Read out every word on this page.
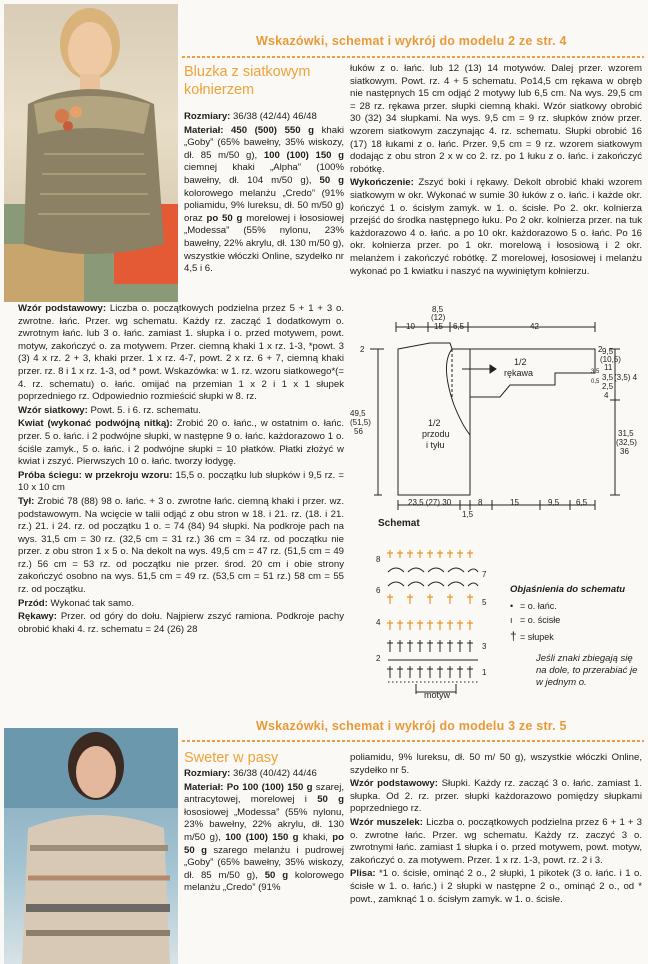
Wskazówki, schemat i wykrój do modelu 2 ze str. 4
Bluzka z siatkowym
kołnierzem

Rozmiary: 36/38 (42/44) 46/48

Materiał: 450 (500) 550 g khaki „Goby” (65% bawełny, 35% wiskozy, dł. 85 m/50 g), 100 (100) 150 g ciemnej khaki „Alpha” (100% bawełny, dł. 104 m/50 g), 50 g kolorowego melanżu „Credo” (91% poliamidu, 9% lureksu, dł. 50 m/50 g) oraz po 50 g morelowej i łososiowej „Modessa” (55% nylonu, 23% bawełny, 22% akrylu, dł. 130 m/50 g), wszystkie włóczki Online, szydełko nr 4,5 i 6.

Wzór podstawowy: Liczba o. początkowych podzielna przez 5 + 1 + 3 o. zwrotne. łańc. Przer. wg schematu. Każdy rz. zacząć 1 dodatkowym o. zwrotnym łańc. lub 3 o. łańc. zamiast 1. słupka i o. przed motywem, powt. motyw, zakończyć o. za motywem. Przer. ciemną khaki 1 x rz. 1-3, *powt. 3 (3) 4 x rz. 2 + 3, khaki przer. 1 x rz. 4-7, powt. 2 x rz. 6 + 7, ciemną khaki przer. rz. 8 i 1 x rz. 1-3, od * powt. Wskazówka: w 1. rz. wzoru siatkowego*(= 4. rz. schematu) o. łańc. omijać na przemian 1 x 2 i 1 x 1 słupek poprzedniego rz. Odpowiednio rozmieścić słupki w 8. rz.

Wzór siatkowy: Powt. 5. i 6. rz. schematu.

Kwiat (wykonać podwójną nitką): Zrobić 20 o. łańc., w ostatnim o. łańc. przer. 5 o. łańc. i 2 podwójne słupki, w następne 9 o. łańc. każdorazowo 1 o. ściśle zamyk., 5 o. łańc. i 2 podwójne słupki = 10 płatków. Płatki złożyć w kwiat i zszyć. Pierwszych 10 o. łańc. tworzy łodygę.

Próba ściegu: w przekroju wzoru: 15,5 o. początku lub słupków i 9,5 rz. = 10 x 10 cm

Tył: Zrobić 78 (88) 98 o. łańc. + 3 o. zwrotne łańc. ciemną khaki i przer. wz. podstawowym. Na wcięcie w talii odjąć z obu stron w 18. i 21. rz. (18. i 21. rz.) 21. i 24. rz. od początku 1 o. = 74 (84) 94 słupki. Na podkroje pach na wys. 31,5 cm = 30 rz. (32,5 cm = 31 rz.) 36 cm = 34 rz. od początku nie przer. z obu stron 1 x 5 o. Na dekolt na wys. 49,5 cm = 47 rz. (51,5 cm = 49 rz.) 56 cm = 53 rz. od początku nie przer. środ. 20 cm i obie strony zakończyć osobno na wys. 51,5 cm = 49 rz. (53,5 cm = 51 rz.) 58 cm = 55 rz. od początku.

Przód: Wykonać tak samo.

Rękawy: Przer. od góry do dołu. Najpierw zszyć ramiona. Podkroje pachy obrobić khaki 4. rz. schematu = 24 (26) 28

łuków z o. łańc. lub 12 (13) 14 motywów. Dalej przer. wzorem siatkowym. Powt. rz. 4 + 5 schematu. Po14,5 cm rękawa w obręb nie następnych 15 cm odjąć 2 motywy lub 6,5 cm. Na wys. 29,5 cm = 28 rz. rękawa przer. słupki ciemną khaki. Wzór siatkowy obrobić 30 (32) 34 słupkami. Na wys. 9,5 cm = 9 rz. słupków znów przer. wzorem siatkowym zaczynając 4. rz. schematu. Słupki obrobić 16 (17) 18 łukami z o. łańc. Przer. 9,5 cm = 9 rz. wzorem siatkowym dodając z obu stron 2 x w co 2. rz. po 1 łuku z o. łańc. i zakończyć robótkę.

Wykończenie: Zszyć boki i rękawy. Dekolt obrobić khaki wzorem siatkowym w okr. Wykonać w sumie 30 łuków z o. łańc. i każde okr. kończyć 1 o. ścisłym zamyk. w 1. o. ścisłe. Po 2. okr. kolnierza przejść do środka następnego łuku. Po 2 okr. kolnierza przer. na tuk każdorazowo 4 o. łańc. a po 10 okr. każdorazowo 5 o. łańc. Po 16 okr. kołnierza przer. po 1 okr. morelową i łososiową i 2 okr. melanżem i zakończyć robótkę. Z morelowej, łososiowej i melanżu wykonać po 1 kwiatku i naszyć na wywiniętym kołnierzu.

10
8,5
(12)
15 6,5	42
2	2
49,5
(51,5)
56
9,5
(10,5)
11
3,5
2,5
4
(3,5) 4
3,5
0,5
31,5
(32,5)
36
1/2
rękawa
1/2
przodu
i tyłu
23,5 (27) 30	8	15	9,5 6,5
1,5
Schemat
8
7
6
5
4
3
2
1
motyw
Objaśnienia do schematu
• = o. łańc.
ı = o. ścisłe
† = słupek
Jeśli znaki zbiegają się na dole, to przerabiać je w jednym o.
Wskazówki, schemat i wykrój do modelu 3 ze str. 5
Sweter w pasy

Rozmiary: 36/38 (40/42) 44/46

Materiał: Po 100 (100) 150 g szarej, antracytowej, morelowej i 50 g łososiowej „Modessa” (55% nylonu, 23% bawełny, 22% akrylu, dł. 130 m/50 g), 100 (100) 150 g khaki, po 50 g szarego melanżu i pudrowej „Goby” (65% bawełny, 35% wiskozy, dł. 85 m/50 g), 50 g kolorowego melanżu „Credo” (91%

poliamidu, 9% lureksu, dł. 50 m/ 50 g), wszystkie włóczki Online, szydełko nr 5.

Wzór podstawowy: Słupki. Każdy rz. zacząć 3 o. łańc. zamiast 1. słupka. Od 2. rz. przer. słupki każdorazowo pomiędzy słupkami poprzedniego rz.

Wzór muszelek: Liczba o. początkowych podzielna przez 6 + 1 + 3 o. zwrotne łańc. Przer. wg schematu. Każdy rz. zaczyć 3 o. zwrotnymi łańc. zamiast 1 słupka i o. przed motywem, powt. motyw, zakończyć o. za motywem. Przer. 1 x rz. 1-3, powt. rz. 2 i 3.

Plisa: *1 o. ścisłe, ominąć 2 o., 2 słupki, 1 pikotek (3 o. łańc. i 1 o. ścisłe w 1. o. łańc.) i 2 słupki w następne 2 o., ominąć 2 o., od * powt., zamknąć 1 o. ścisłym zamyk. w 1. o. ścisłe.
